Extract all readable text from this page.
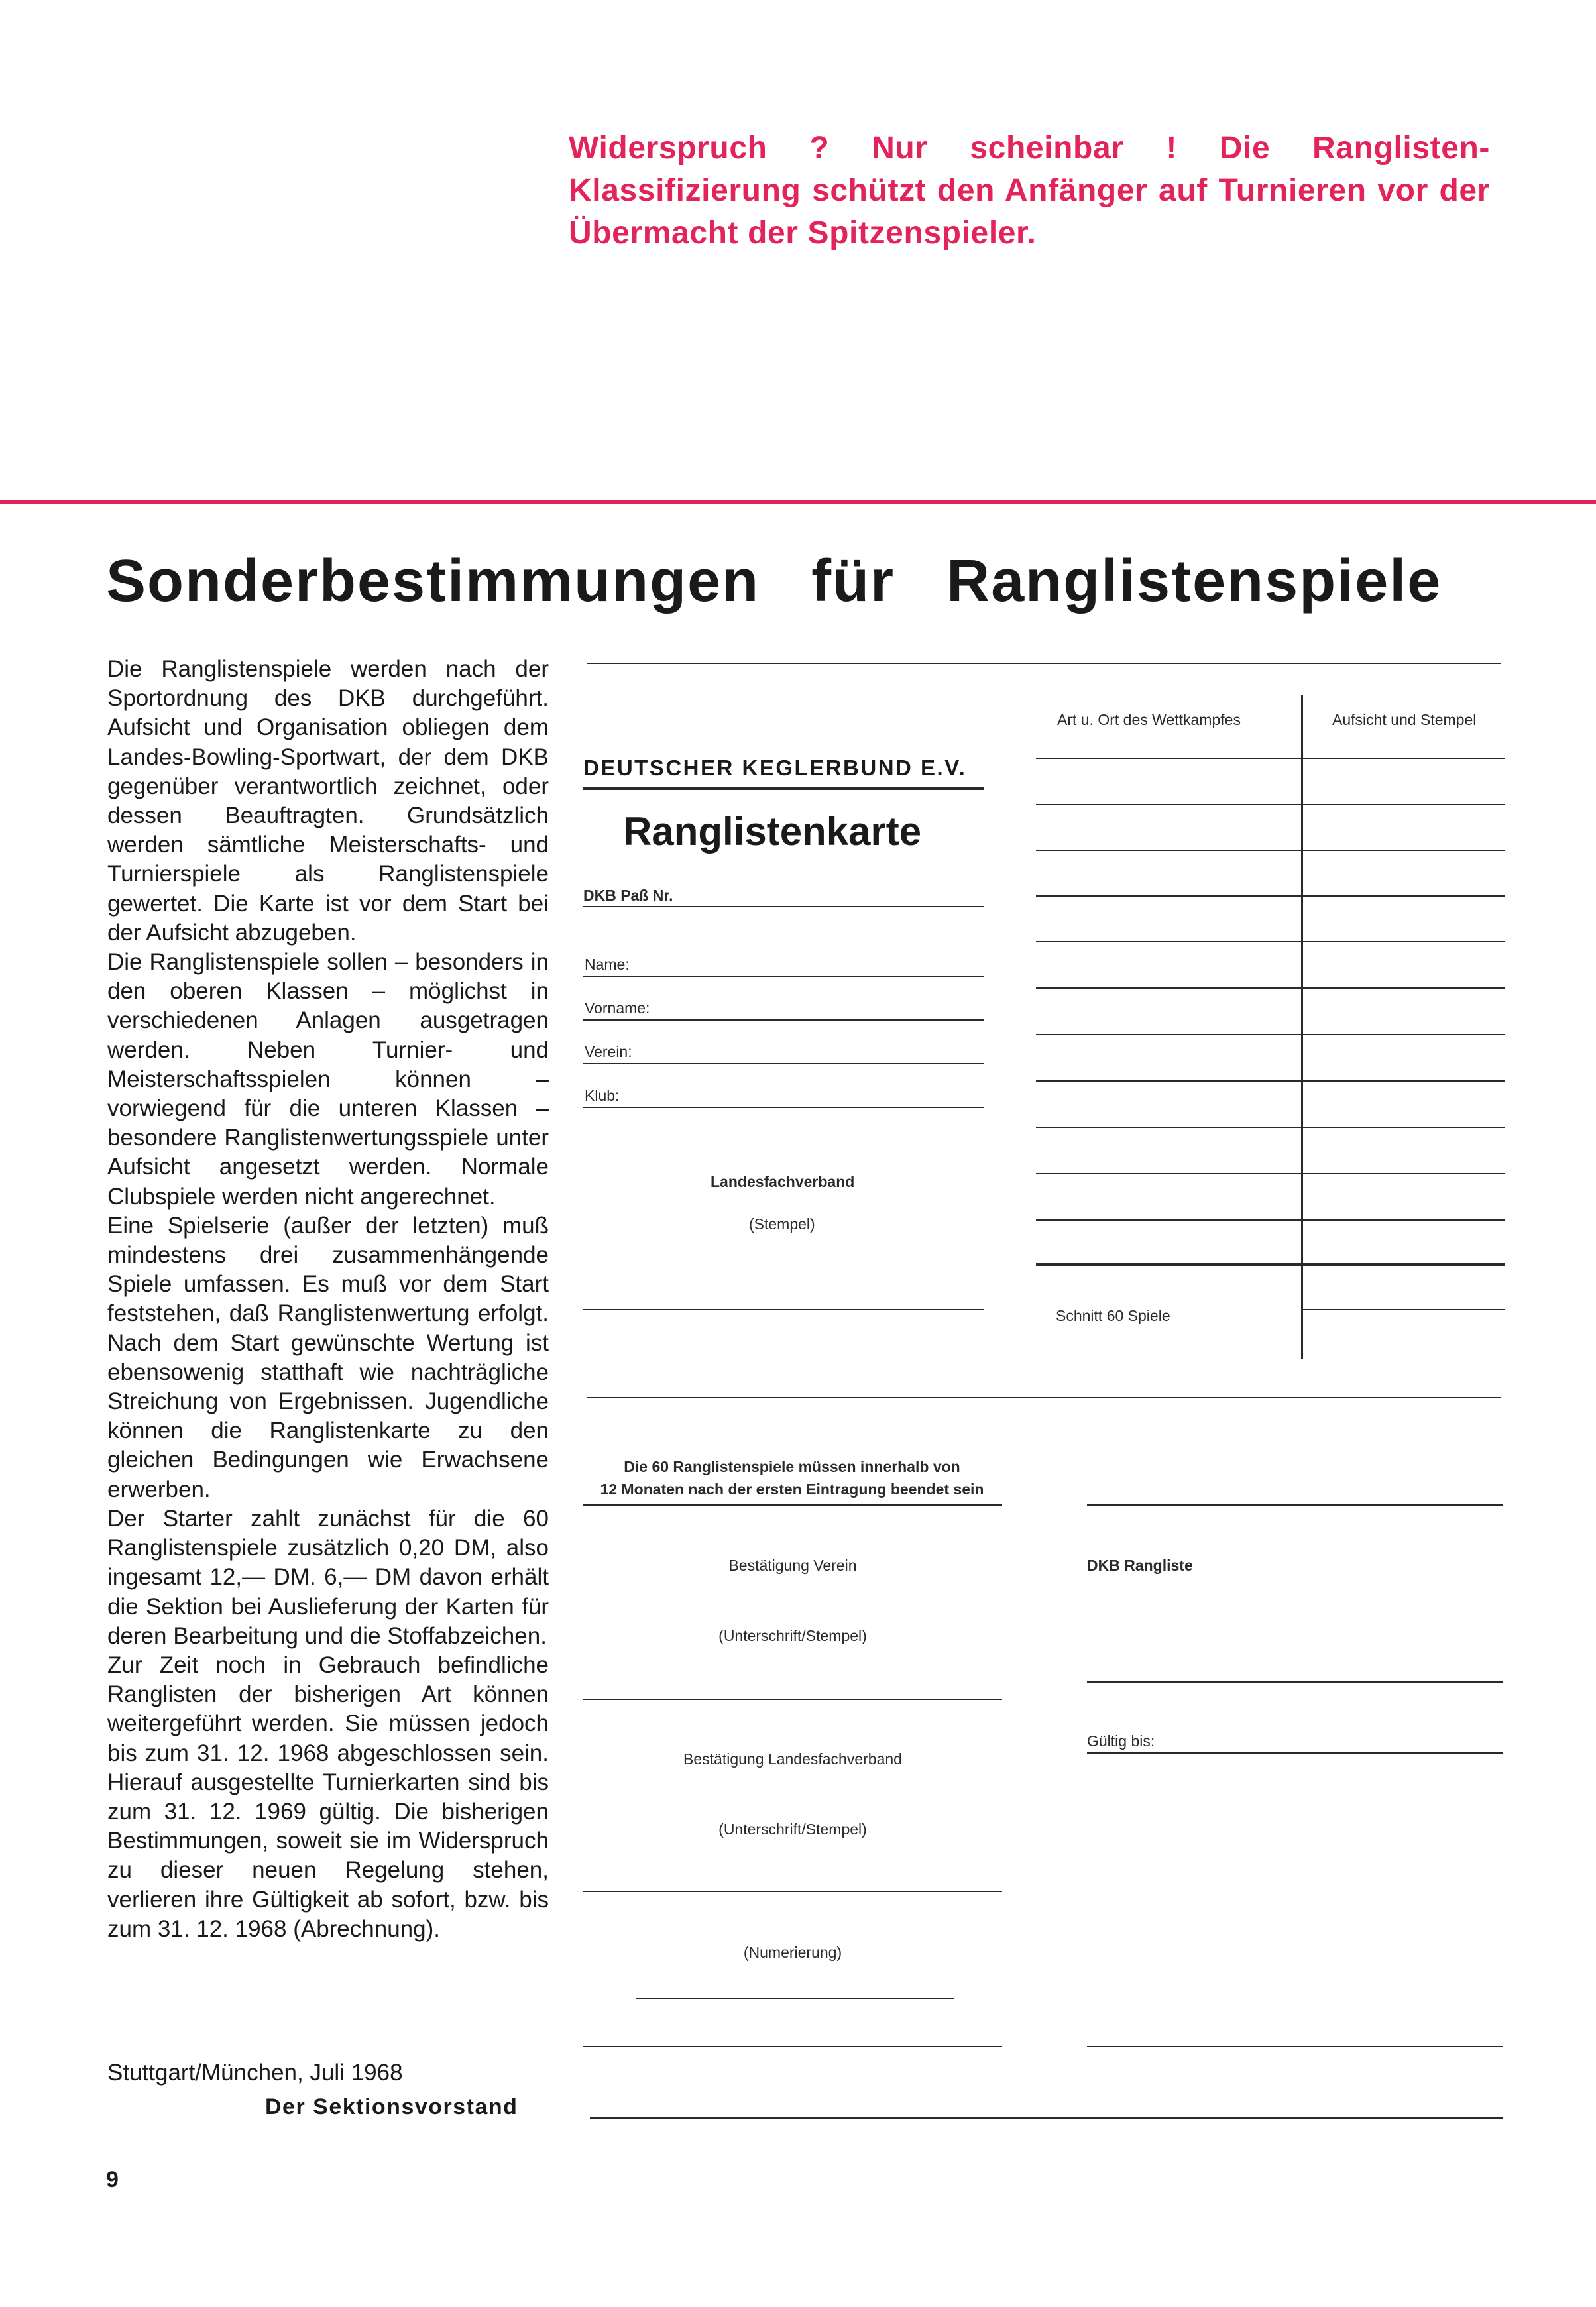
Widerspruch ? Nur scheinbar ! Die Ranglisten-Klassifizierung schützt den Anfänger auf Turnieren vor der Übermacht der Spitzenspieler.
Sonderbestimmungen für Ranglistenspiele

Die Ranglistenspiele werden nach der Sportordnung des DKB durchgeführt. Aufsicht und Organisation obliegen dem Landes-Bowling-Sportwart, der dem DKB gegenüber verantwortlich zeichnet, oder dessen Beauftragten. Grundsätzlich werden sämtliche Meisterschafts- und Turnierspiele als Ranglistenspiele gewertet. Die Karte ist vor dem Start bei der Aufsicht abzugeben.

Die Ranglistenspiele sollen – besonders in den oberen Klassen – möglichst in verschiedenen Anlagen ausgetragen werden. Neben Turnier- und Meisterschaftsspielen können – vorwiegend für die unteren Klassen – besondere Ranglistenwertungsspiele unter Aufsicht angesetzt werden. Normale Clubspiele werden nicht angerechnet.

Eine Spielserie (außer der letzten) muß mindestens drei zusammenhängende Spiele umfassen. Es muß vor dem Start feststehen, daß Ranglistenwertung erfolgt. Nach dem Start gewünschte Wertung ist ebensowenig statthaft wie nachträgliche Streichung von Ergebnissen. Jugendliche können die Ranglistenkarte zu den gleichen Bedingungen wie Erwachsene erwerben.

Der Starter zahlt zunächst für die 60 Ranglistenspiele zusätzlich 0,20 DM, also ingesamt 12,— DM. 6,— DM davon erhält die Sektion bei Auslieferung der Karten für deren Bearbeitung und die Stoffabzeichen.

Zur Zeit noch in Gebrauch befindliche Ranglisten der bisherigen Art können weitergeführt werden. Sie müssen jedoch bis zum 31. 12. 1968 abgeschlossen sein. Hierauf ausgestellte Turnierkarten sind bis zum 31. 12. 1969 gültig. Die bisherigen Bestimmungen, soweit sie im Widerspruch zu dieser neuen Regelung stehen, verlieren ihre Gültigkeit ab sofort, bzw. bis zum 31. 12. 1968 (Abrechnung).

Stuttgart/München, Juli 1968
Der Sektionsvorstand
9
DEUTSCHER KEGLERBUND E.V.
Ranglistenkarte
DKB Paß Nr.
Name:
Vorname:
Verein:
Klub:
Landesfachverband
(Stempel)
Art u. Ort des Wettkampfes	Aufsicht und Stempel
Schnitt 60 Spiele
Die 60 Ranglistenspiele müssen innerhalb von
12 Monaten nach der ersten Eintragung beendet sein
Bestätigung Verein
(Unterschrift/Stempel)
Bestätigung Landesfachverband
(Unterschrift/Stempel)
(Numerierung)
DKB Rangliste
Gültig bis:
